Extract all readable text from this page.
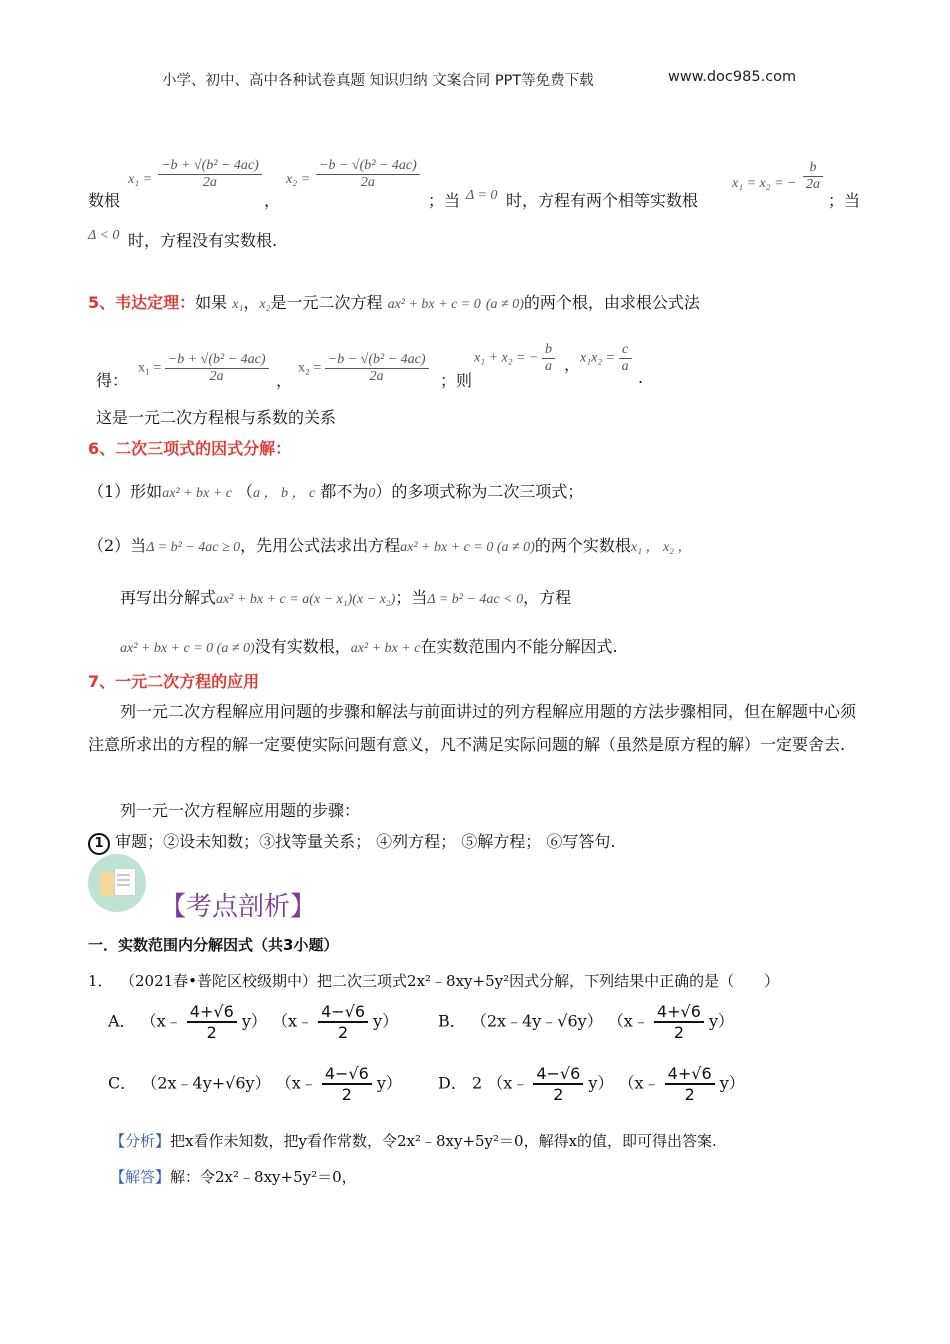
小学、初中、高中各种试卷真题 知识归纳 文案合同 PPT等免费下载	www.doc985.com
数根
$x_1 = \frac{\text{−b + √(b² − 4ac)}}{2a}$
，
$x_2 = \frac{\text{−b − √(b² − 4ac)}}{2a}$
；当 Δ = 0 时，方程有两个相等实数根
x₁ = x₂ = − $\frac{b}{2a}$
；当
Δ < 0 时，方程没有实数根.
5、韦达定理：如果 x₁，x₂是一元二次方程 ax² + bx + c = 0 (a ≠ 0)的两个根，由求根公式法
得：
$x_1 = \frac{\text{−b + √(b² − 4ac)}}{2a}$ ，
$x_2 = \frac{\text{−b − √(b² − 4ac)}}{2a}$ ；则
x₁ + x₂ = − $\frac{b}{a}$ ， $x_1x_2 = \frac{c}{a}$
.
这是一元二次方程根与系数的关系
6、二次三项式的因式分解：
（1）形如ax² + bx + c （a ， b ， c 都不为0）的多项式称为二次三项式；
（2）当Δ = b² − 4ac ≥ 0，先用公式法求出方程ax² + bx + c = 0 (a ≠ 0)的两个实数根x₁ ， x₂ ，
再写出分解式ax² + bx + c = a(x − x₁)(x − x₂)；当Δ = b² − 4ac < 0，方程
ax² + bx + c = 0 (a ≠ 0)没有实数根，ax² + bx + c在实数范围内不能分解因式.
7、一元二次方程的应用
列一元二次方程解应用问题的步骤和解法与前面讲过的列方程解应用题的方法步骤相同，但在解题中心须注意所求出的方程的解一定要使实际问题有意义，凡不满足实际问题的解（虽然是原方程的解）一定要舍去.
列一元一次方程解应用题的步骤：
1 审题；②设未知数；③找等量关系； ④列方程； ⑤解方程； ⑥写答句.
【考点剖析】
一．实数范围内分解因式（共3小题）
1． （2021春•普陀区校级期中）把二次三项式2x²﹣8xy+5y²因式分解，下列结果中正确的是（　　）
A． （x﹣ $\frac{4+√6}{2} y$） （x﹣ $\frac{4-√6}{2} y$） B． （2x﹣4y﹣√6y） （x﹣ $\frac{4+√6}{2} y$）
C． （2x﹣4y+√6y） （x﹣ $\frac{4-√6}{2} y$） D． 2 （x﹣ $\frac{4-√6}{2} y$） （x﹣ $\frac{4+√6}{2} y$）
【分析】把x看作未知数，把y看作常数，令2x²﹣8xy+5y²＝0，解得x的值，即可得出答案.
【解答】解：令2x²﹣8xy+5y²＝0，
